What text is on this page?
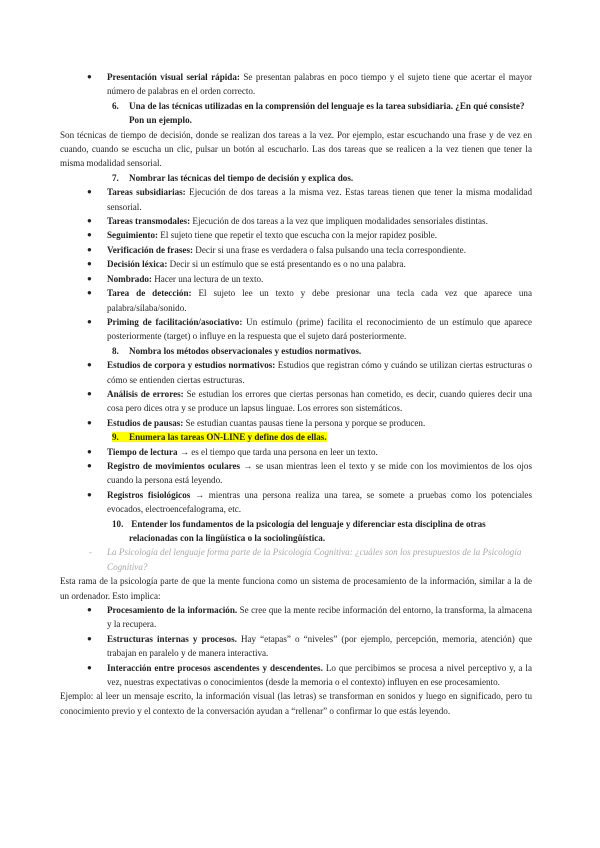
● Presentación visual serial rápida: Se presentan palabras en poco tiempo y el sujeto tiene que acertar el mayor número de palabras en el orden correcto.
6. Una de las técnicas utilizadas en la comprensión del lenguaje es la tarea subsidiaria. ¿En qué consiste? Pon un ejemplo.

Son técnicas de tiempo de decisión, donde se realizan dos tareas a la vez. Por ejemplo, estar escuchando una frase y de vez en cuando, cuando se escucha un clic, pulsar un botón al escucharlo. Las dos tareas que se realicen a la vez tienen que tener la misma modalidad sensorial.

7. Nombrar las técnicas del tiempo de decisión y explica dos.
● Tareas subsidiarias: Ejecución de dos tareas a la misma vez. Estas tareas tienen que tener la misma modalidad sensorial.
● Tareas transmodales: Ejecución de dos tareas a la vez que impliquen modalidades sensoriales distintas.
● Seguimiento: El sujeto tiene que repetir el texto que escucha con la mejor rapidez posible.
● Verificación de frases: Decir si una frase es verdadera o falsa pulsando una tecla correspondiente.
● Decisión léxica: Decir si un estímulo que se está presentando es o no una palabra.
● Nombrado: Hacer una lectura de un texto.
● Tarea de detección: El sujeto lee un texto y debe presionar una tecla cada vez que aparece una palabra/sílaba/sonido.
● Priming de facilitación/asociativo: Un estímulo (prime) facilita el reconocimiento de un estímulo que aparece posteriormente (target) o influye en la respuesta que el sujeto dará posteriormente.
8. Nombra los métodos observacionales y estudios normativos.
● Estudios de corpora y estudios normativos: Estudios que registran cómo y cuándo se utilizan ciertas estructuras o cómo se entienden ciertas estructuras.
● Análisis de errores: Se estudian los errores que ciertas personas han cometido, es decir, cuando quieres decir una cosa pero dices otra y se produce un lapsus linguae. Los errores son sistemáticos.
● Estudios de pausas: Se estudian cuantas pausas tiene la persona y porque se producen.
9. Enumera las tareas ON-LINE y define dos de ellas.
● Tiempo de lectura → es el tiempo que tarda una persona en leer un texto.
● Registro de movimientos oculares → se usan mientras leen el texto y se mide con los movimientos de los ojos cuando la persona está leyendo.
● Registros fisiológicos → mientras una persona realiza una tarea, se somete a pruebas como los potenciales evocados, electroencefalograma, etc.
10. Entender los fundamentos de la psicología del lenguaje y diferenciar esta disciplina de otras relacionadas con la lingüística o la sociolingüística.
- La Psicología del lenguaje forma parte de la Psicología Cognitiva: ¿cuáles son los presupuestos de la Psicología Cognitiva?

Esta rama de la psicología parte de que la mente funciona como un sistema de procesamiento de la información, similar a la de un ordenador. Esto implica:

● Procesamiento de la información. Se cree que la mente recibe información del entorno, la transforma, la almacena y la recupera.
● Estructuras internas y procesos. Hay “etapas” o “niveles” (por ejemplo, percepción, memoria, atención) que trabajan en paralelo y de manera interactiva.
● Interacción entre procesos ascendentes y descendentes. Lo que percibimos se procesa a nivel perceptivo y, a la vez, nuestras expectativas o conocimientos (desde la memoria o el contexto) influyen en ese procesamiento.

Ejemplo: al leer un mensaje escrito, la información visual (las letras) se transforman en sonidos y luego en significado, pero tu conocimiento previo y el contexto de la conversación ayudan a “rellenar” o confirmar lo que estás leyendo.
